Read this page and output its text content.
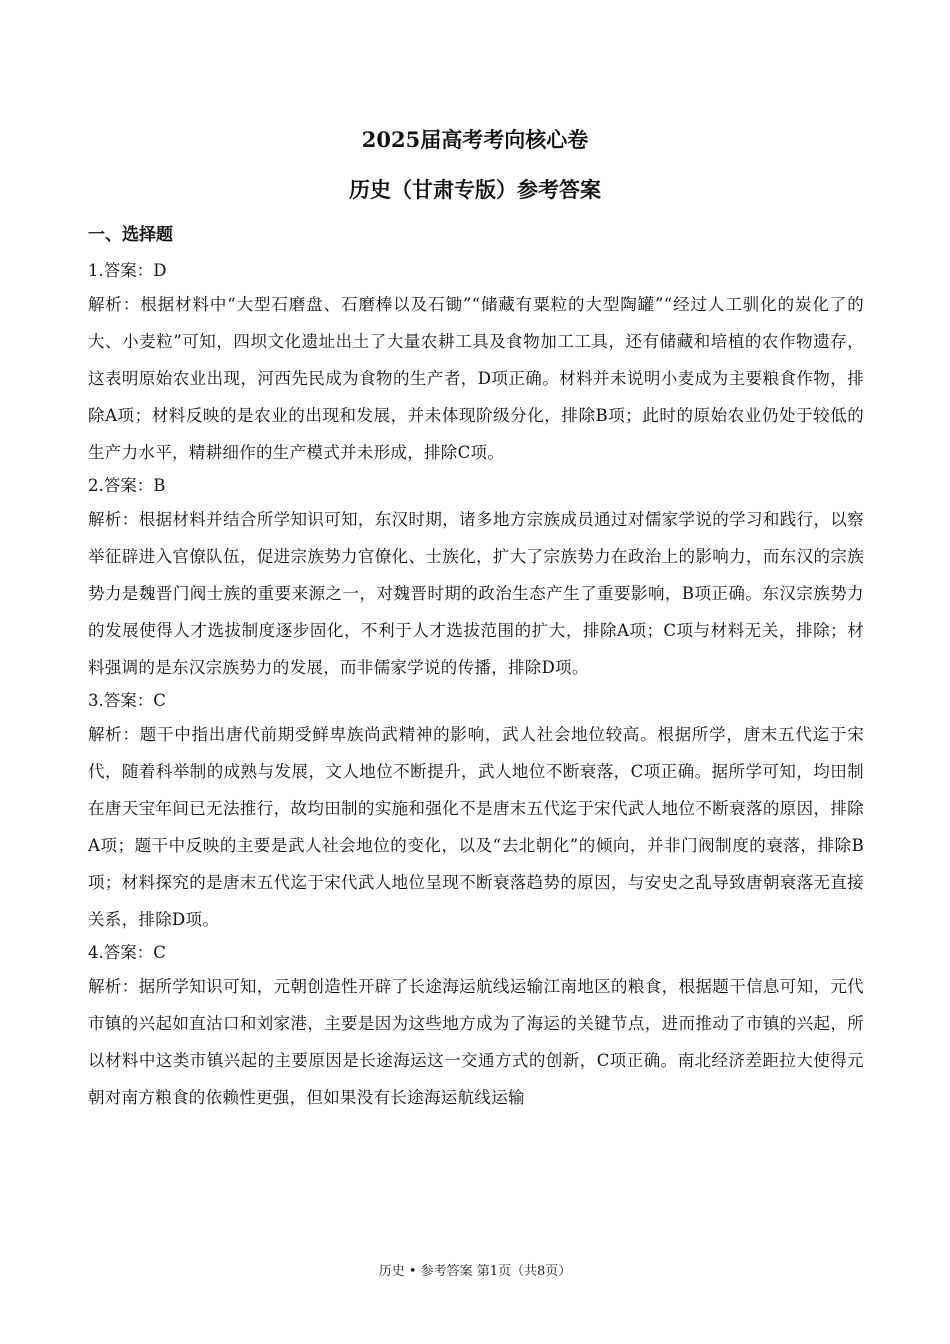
2025届高考考向核心卷
历史（甘肃专版）参考答案
一、选择题

1.答案：D

解析：根据材料中“大型石磨盘、石磨棒以及石锄”“储藏有粟粒的大型陶罐”“经过人工驯化的炭化了的大、小麦粒”可知，四坝文化遗址出土了大量农耕工具及食物加工工具，还有储藏和培植的农作物遗存，这表明原始农业出现，河西先民成为食物的生产者，D项正确。材料并未说明小麦成为主要粮食作物，排除A项；材料反映的是农业的出现和发展，并未体现阶级分化，排除B项；此时的原始农业仍处于较低的生产力水平，精耕细作的生产模式并未形成，排除C项。

2.答案：B

解析：根据材料并结合所学知识可知，东汉时期，诸多地方宗族成员通过对儒家学说的学习和践行，以察举征辟进入官僚队伍，促进宗族势力官僚化、士族化，扩大了宗族势力在政治上的影响力，而东汉的宗族势力是魏晋门阀士族的重要来源之一，对魏晋时期的政治生态产生了重要影响，B项正确。东汉宗族势力的发展使得人才选拔制度逐步固化，不利于人才选拔范围的扩大，排除A项；C项与材料无关，排除；材料强调的是东汉宗族势力的发展，而非儒家学说的传播，排除D项。

3.答案：C

解析：题干中指出唐代前期受鲜卑族尚武精神的影响，武人社会地位较高。根据所学，唐末五代迄于宋代，随着科举制的成熟与发展，文人地位不断提升，武人地位不断衰落，C项正确。据所学可知，均田制在唐天宝年间已无法推行，故均田制的实施和强化不是唐末五代迄于宋代武人地位不断衰落的原因，排除A项；题干中反映的主要是武人社会地位的变化，以及“去北朝化”的倾向，并非门阀制度的衰落，排除B项；材料探究的是唐末五代迄于宋代武人地位呈现不断衰落趋势的原因，与安史之乱导致唐朝衰落无直接关系，排除D项。

4.答案：C

解析：据所学知识可知，元朝创造性开辟了长途海运航线运输江南地区的粮食，根据题干信息可知，元代市镇的兴起如直沽口和刘家港，主要是因为这些地方成为了海运的关键节点，进而推动了市镇的兴起，所以材料中这类市镇兴起的主要原因是长途海运这一交通方式的创新，C项正确。南北经济差距拉大使得元朝对南方粮食的依赖性更强，但如果没有长途海运航线运输

历史 • 参考答案 第1页（共8页）
